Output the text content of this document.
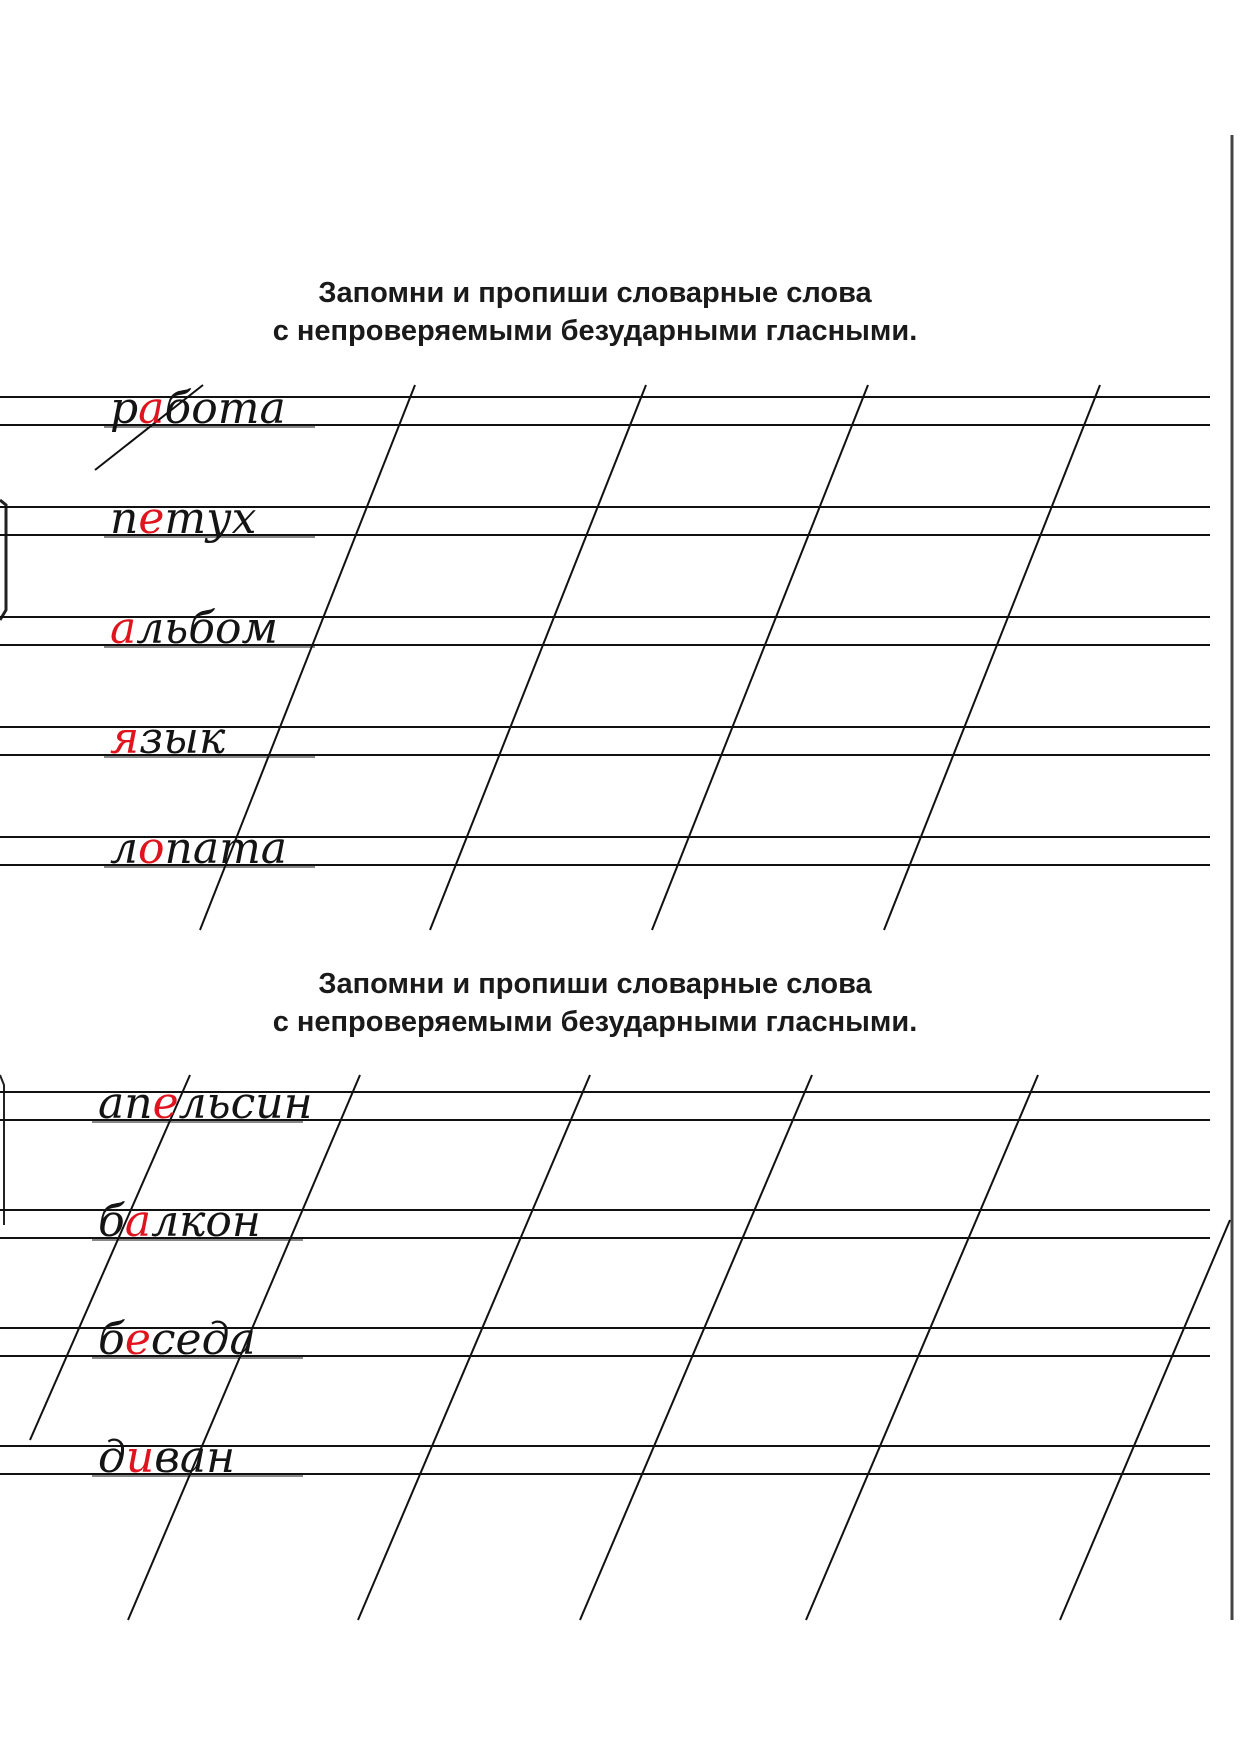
Запомни и пропиши словарные слова
с непроверяемыми безударными гласными.
Запомни и пропиши словарные слова
с непроверяемыми безударными гласными.
работа
петух
альбом
язык
лопата
апельсин
балкон
беседа
диван
